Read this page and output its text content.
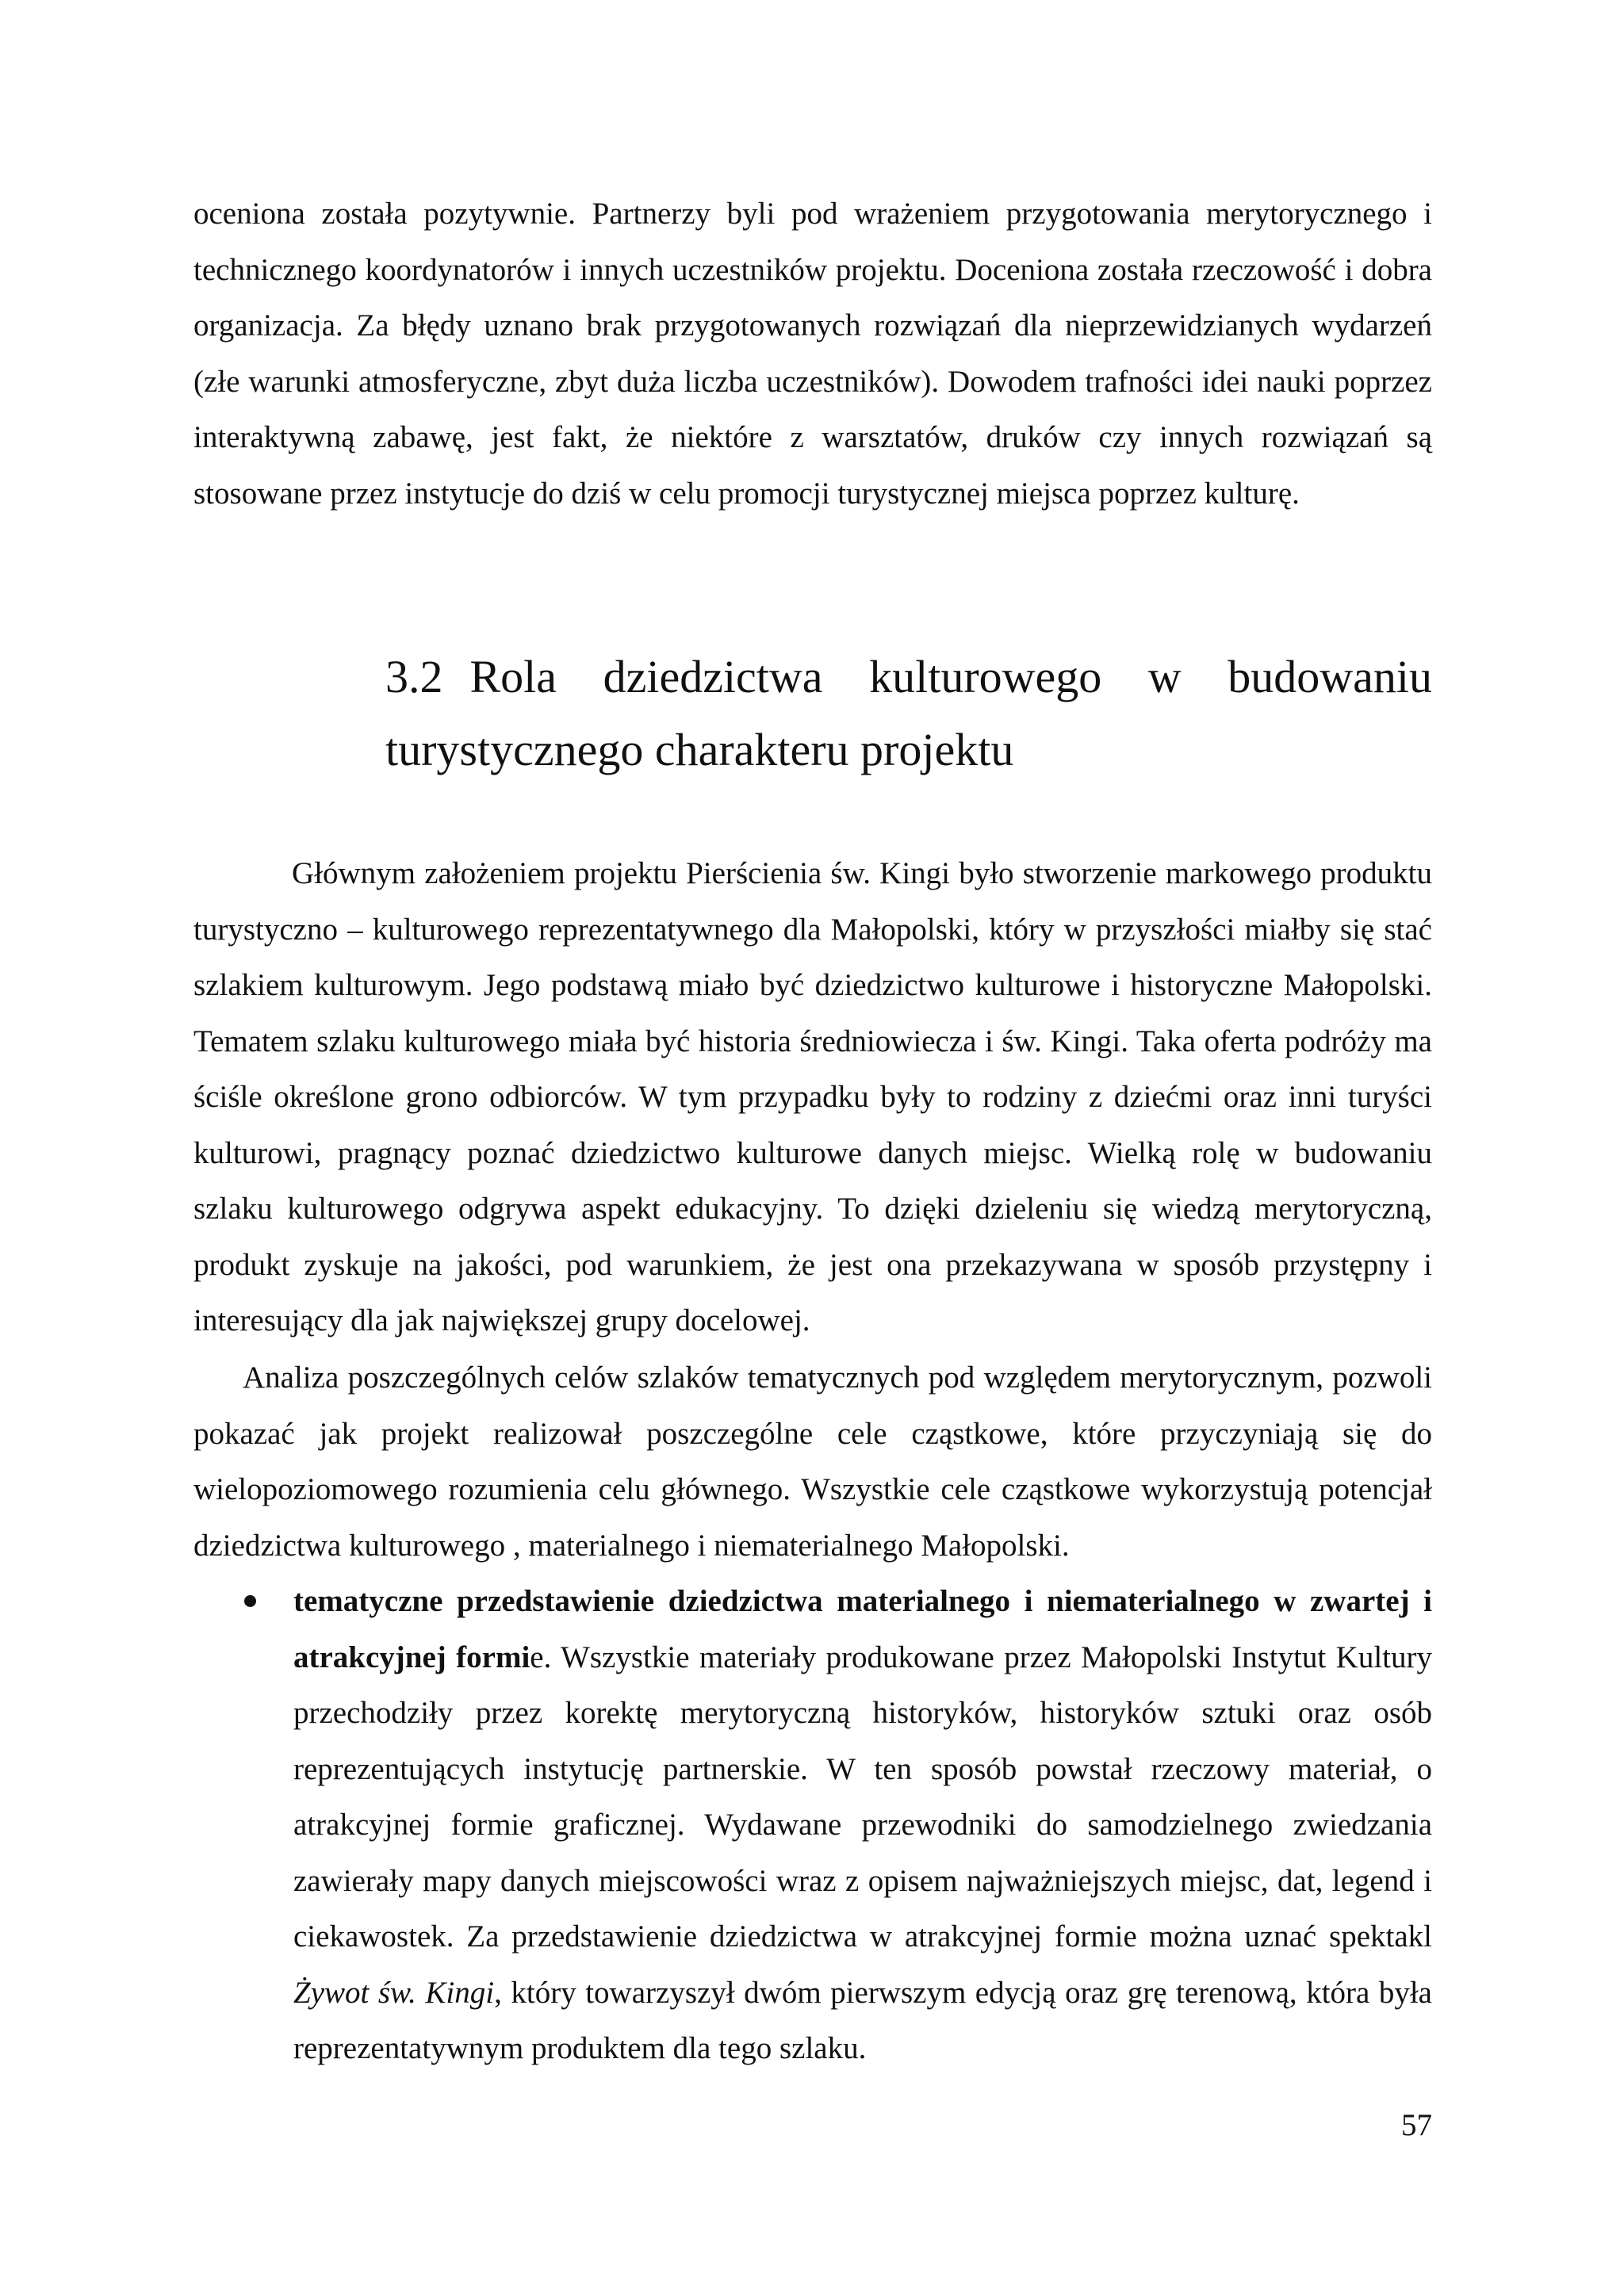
oceniona została pozytywnie. Partnerzy byli pod wrażeniem przygotowania merytorycznego i technicznego koordynatorów i innych uczestników projektu. Doceniona została rzeczowość i dobra organizacja. Za błędy uznano brak przygotowanych rozwiązań dla nieprzewidzianych wydarzeń (złe warunki atmosferyczne, zbyt duża liczba uczestników). Dowodem trafności idei nauki poprzez interaktywną zabawę, jest fakt, że niektóre z warsztatów, druków czy innych rozwiązań są stosowane przez instytucje do dziś w celu promocji turystycznej miejsca poprzez kulturę.

3.2 Rola dziedzictwa kulturowego w budowaniu turystycznego charakteru projektu

Głównym założeniem projektu Pierścienia św. Kingi było stworzenie markowego produktu turystyczno – kulturowego reprezentatywnego dla Małopolski, który w przyszłości miałby się stać szlakiem kulturowym. Jego podstawą miało być dziedzictwo kulturowe i historyczne Małopolski. Tematem szlaku kulturowego miała być historia średniowiecza i św. Kingi. Taka oferta podróży ma ściśle określone grono odbiorców. W tym przypadku były to rodziny z dziećmi oraz inni turyści kulturowi, pragnący poznać dziedzictwo kulturowe danych miejsc. Wielką rolę w budowaniu szlaku kulturowego odgrywa aspekt edukacyjny. To dzięki dzieleniu się wiedzą merytoryczną, produkt zyskuje na jakości, pod warunkiem, że jest ona przekazywana w sposób przystępny i interesujący dla jak największej grupy docelowej.

Analiza poszczególnych celów szlaków tematycznych pod względem merytorycznym, pozwoli pokazać jak projekt realizował poszczególne cele cząstkowe, które przyczyniają się do wielopoziomowego rozumienia celu głównego. Wszystkie cele cząstkowe wykorzystują potencjał dziedzictwa kulturowego , materialnego i niematerialnego Małopolski.

tematyczne przedstawienie dziedzictwa materialnego i niematerialnego w zwartej i atrakcyjnej formie. Wszystkie materiały produkowane przez Małopolski Instytut Kultury przechodziły przez korektę merytoryczną historyków, historyków sztuki oraz osób reprezentujących instytucję partnerskie. W ten sposób powstał rzeczowy materiał, o atrakcyjnej formie graficznej. Wydawane przewodniki do samodzielnego zwiedzania zawierały mapy danych miejscowości wraz z opisem najważniejszych miejsc, dat, legend i ciekawostek. Za przedstawienie dziedzictwa w atrakcyjnej formie można uznać spektakl Żywot św. Kingi, który towarzyszył dwóm pierwszym edycją oraz grę terenową, która była reprezentatywnym produktem dla tego szlaku.
57
